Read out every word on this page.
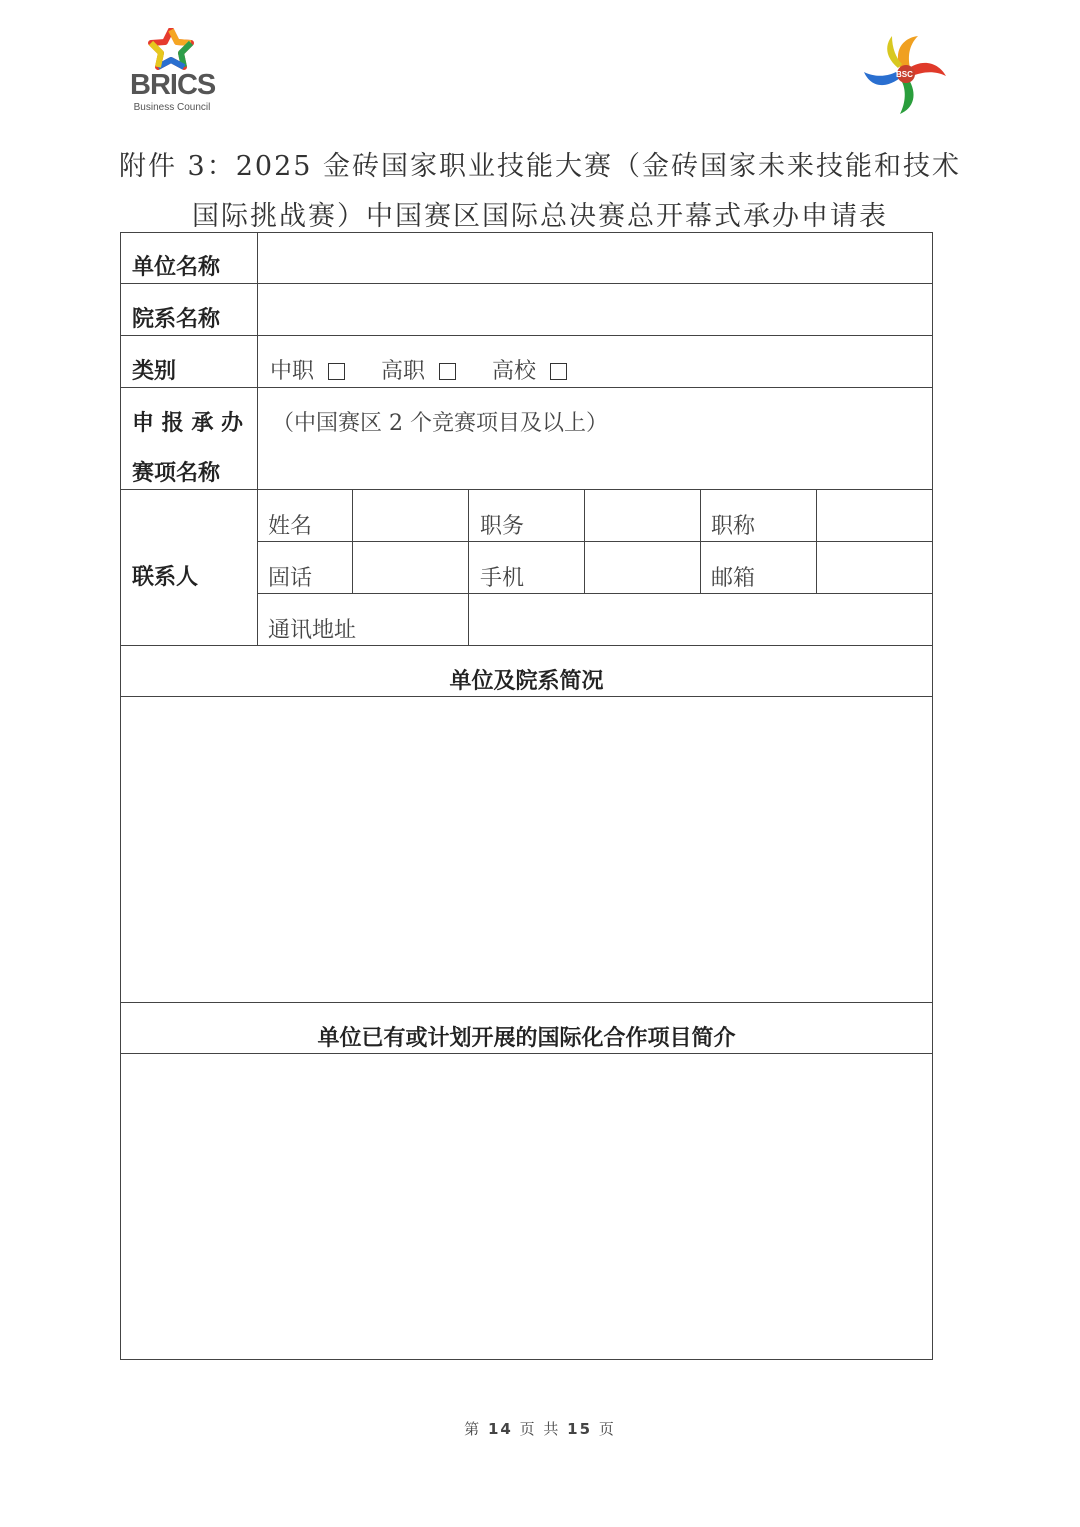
BRICS
Business Council
BSC
附件 3：2025 金砖国家职业技能大赛（金砖国家未来技能和技术
国际挑战赛）中国赛区国际总决赛总开幕式承办申请表
单位名称
院系名称
类别	中职	高职	高校
申 报 承 办
赛项名称
（中国赛区 2 个竞赛项目及以上）
联系人
姓名	职务	职称
固话	手机	邮箱
通讯地址
单位及院系简况
单位已有或计划开展的国际化合作项目简介
第 14 页 共 15 页
